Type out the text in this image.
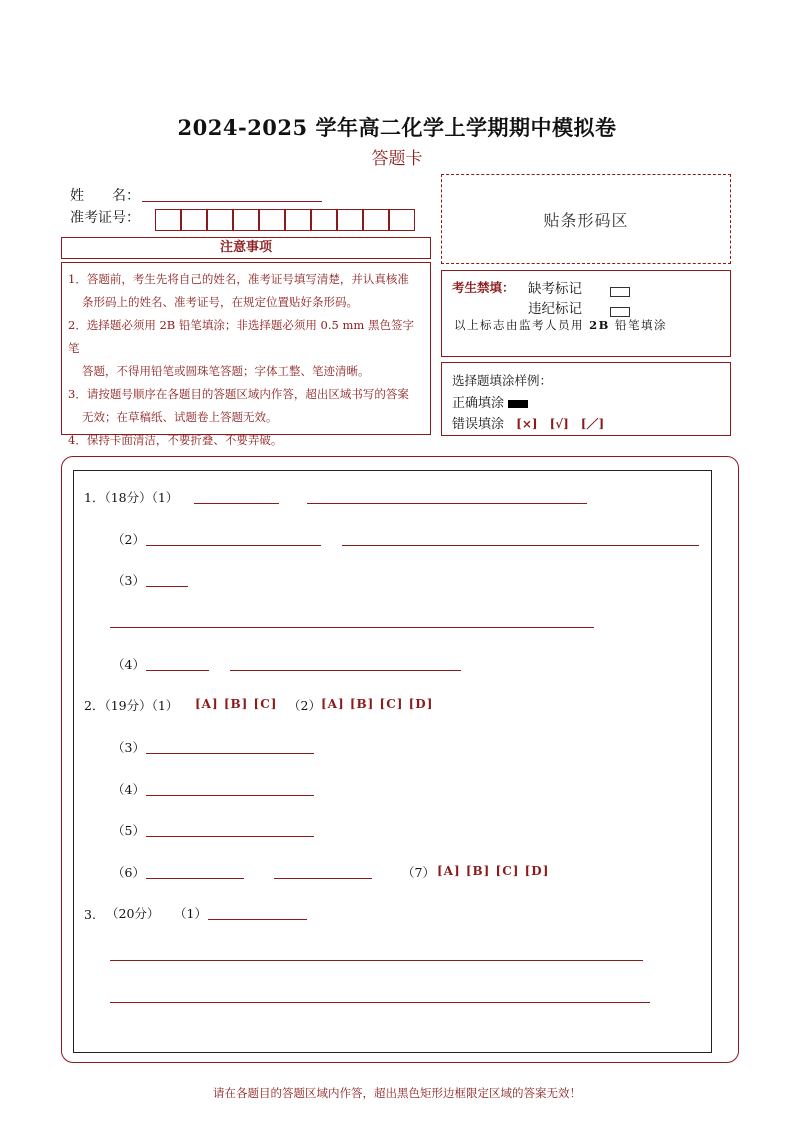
2024-2025 学年高二化学上学期期中模拟卷
答题卡
姓　　名：
准考证号：
注意事项

1．答题前，考生先将自己的姓名，准考证号填写清楚，并认真核准

条形码上的姓名、准考证号，在规定位置贴好条形码。

2．选择题必须用 2B 铅笔填涂；非选择题必须用 0.5 mm 黑色签字笔

答题，不得用铅笔或圆珠笔答题；字体工整、笔迹清晰。

3．请按题号顺序在各题目的答题区域内作答，超出区域书写的答案

无效；在草稿纸、试题卷上答题无效。

4．保持卡面清洁，不要折叠、不要弄破。

贴条形码区
考生禁填： 缺考标记
违纪标记
以上标志由监考人员用 2B 铅笔填涂
选择题填涂样例：
正确填涂
错误填涂 [×]　[√]　[／]
1．（18分）（1）
（2）
（3）
（4）
2．（19分）（1） [A] [B] [C] （2） [A] [B] [C] [D]
（3）
（4）
（5）
（6）	（7） [A] [B] [C] [D]
3. （20分） （1）
请在各题目的答题区域内作答，超出黑色矩形边框限定区域的答案无效！
